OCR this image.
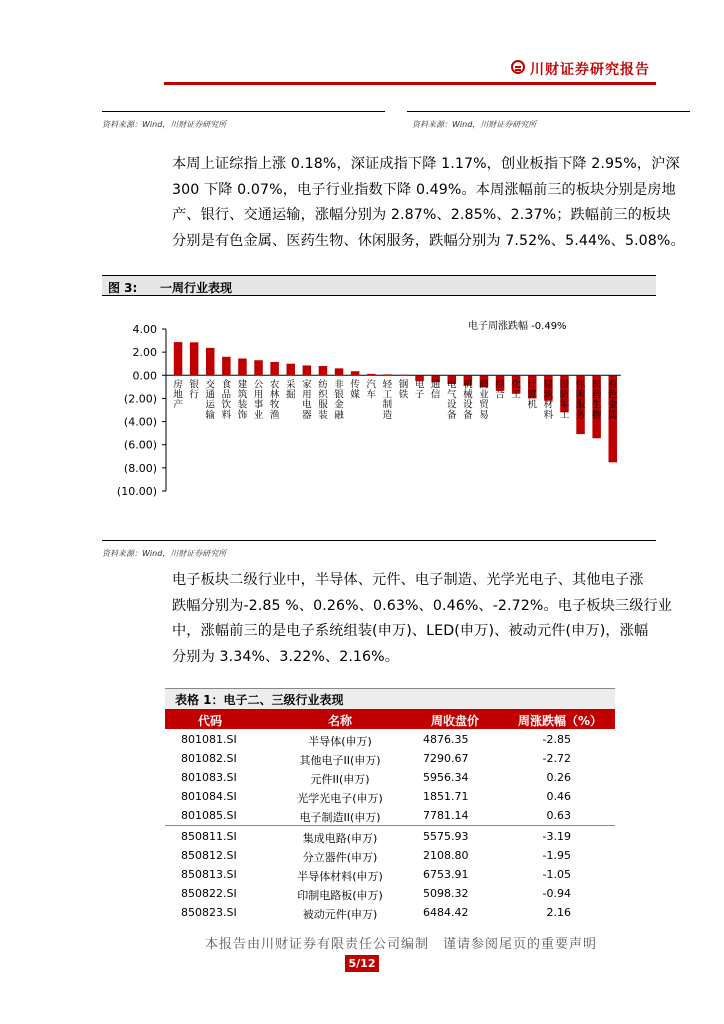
川财证券研究报告
资料来源：Wind，川财证券研究所	资料来源：Wind，川财证券研究所
本周上证综指上涨 0.18%，深证成指下降 1.17%，创业板指下降 2.95%，沪深
300 下降 0.07%，电子行业指数下降 0.49%。本周涨幅前三的板块分别是房地
产、银行、交通运输，涨幅分别为 2.87%、2.85%、2.37%；跌幅前三的板块
分别是有色金属、医药生物、休闲服务，跌幅分别为 7.52%、5.44%、5.08%。
图 3: 一周行业表现
电子周涨跌幅 -0.49%
4.00
2.00
0.00
(2.00)
(4.00)
(6.00)
(8.00)
(10.00)
房地产
银行
交通运输
食品饮料
建筑装饰
公用事业
农林牧渔
采掘
家用电器
纺织服装
非银金融
传媒
汽车
轻工制造
钢铁
电子
通信
电气设备
机械设备
商业贸易
综合
化工
计算机
建筑材料
国防军工
休闲服务
医药生物
有色金属
资料来源：Wind，川财证券研究所
电子板块二级行业中，半导体、元件、电子制造、光学光电子、其他电子涨
跌幅分别为-2.85 %、0.26%、0.63%、0.46%、-2.72%。电子板块三级行业
中，涨幅前三的是电子系统组装(申万)、LED(申万)、被动元件(申万)，涨幅
分别为 3.34%、3.22%、2.16%。
表格 1：电子二、三级行业表现
代码	名称	周收盘价	周涨跌幅（%）
801081.SI	半导体(申万)	4876.35	-2.85
801082.SI	其他电子II(申万)	7290.67	-2.72
801083.SI	元件II(申万)	5956.34	0.26
801084.SI	光学光电子(申万)	1851.71	0.46
801085.SI	电子制造II(申万)	7781.14	0.63
850811.SI	集成电路(申万)	5575.93	-3.19
850812.SI	分立器件(申万)	2108.80	-1.95
850813.SI	半导体材料(申万)	6753.91	-1.05
850822.SI	印制电路板(申万)	5098.32	-0.94
850823.SI	被动元件(申万)	6484.42	2.16
本报告由川财证券有限责任公司编制　谨请参阅尾页的重要声明
5/12
